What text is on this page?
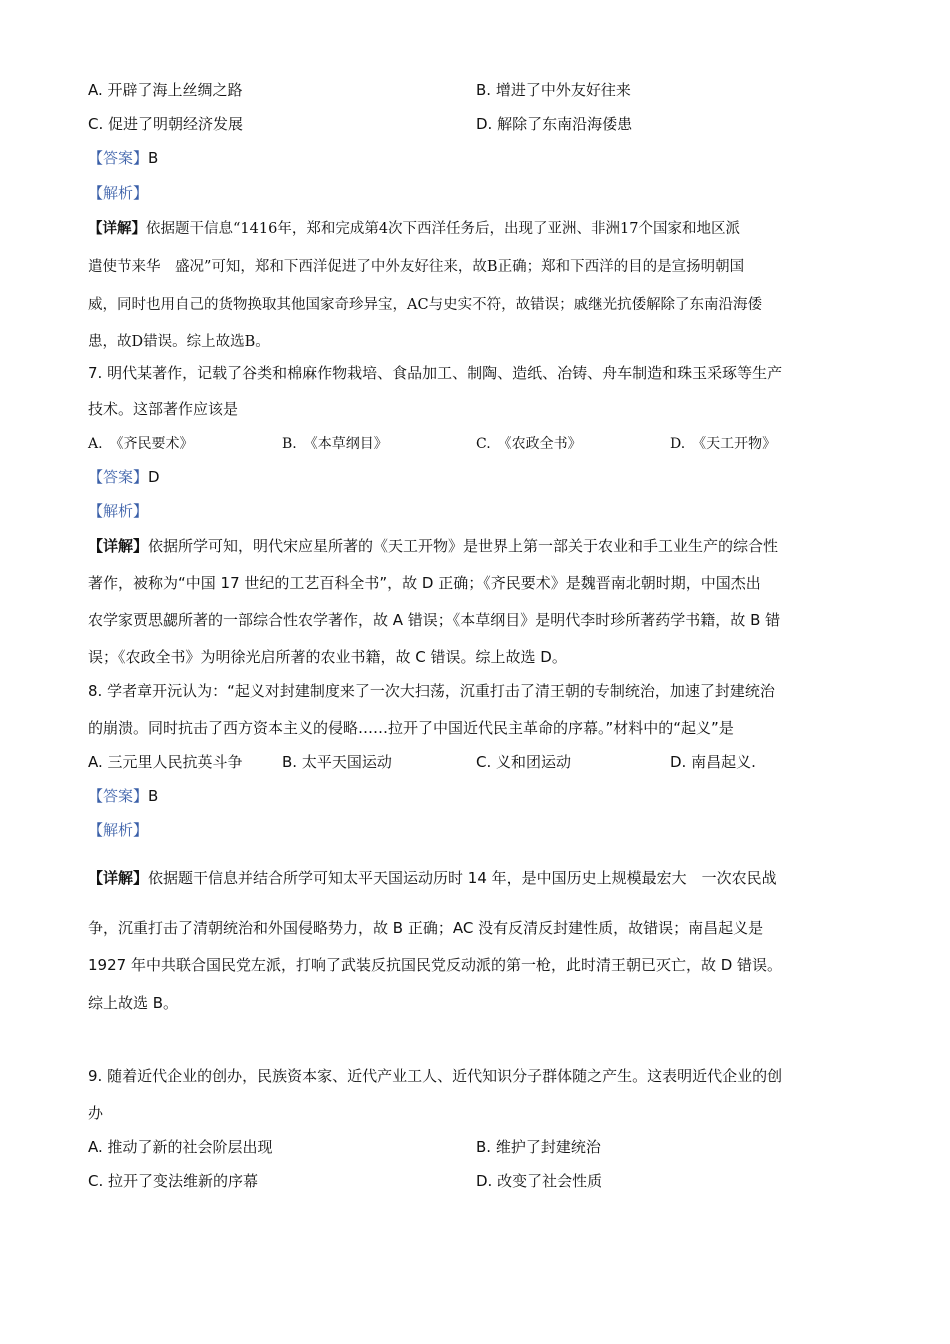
A. 开辟了海上丝绸之路	B. 增进了中外友好往来
C. 促进了明朝经济发展	D. 解除了东南沿海倭患
【答案】B
【解析】
【详解】依据题干信息“1416年，郑和完成第4次下西洋任务后，出现了亚洲、非洲17个国家和地区派
遣使节来华　盛况”可知，郑和下西洋促进了中外友好往来，故B正确；郑和下西洋的目的是宣扬明朝国
威，同时也用自己的货物换取其他国家奇珍异宝，AC与史实不符，故错误；戚继光抗倭解除了东南沿海倭
患，故D错误。综上故选B。
7. 明代某著作，记载了谷类和棉麻作物栽培、食品加工、制陶、造纸、冶铸、舟车制造和珠玉采琢等生产
技术。这部著作应该是
A.　《齐民要术》	B.　《本草纲目》	C.　《农政全书》	D.　《天工开物》
【答案】D
【解析】
【详解】依据所学可知，明代宋应星所著的《天工开物》是世界上第一部关于农业和手工业生产的综合性
著作，被称为“中国 17 世纪的工艺百科全书”，故 D 正确；《齐民要术》是魏晋南北朝时期，中国杰出
农学家贾思勰所著的一部综合性农学著作，故 A 错误；《本草纲目》是明代李时珍所著药学书籍，故 B 错
误；《农政全书》为明徐光启所著的农业书籍，故 C 错误。综上故选 D。
8. 学者章开沅认为：“起义对封建制度来了一次大扫荡，沉重打击了清王朝的专制统治，加速了封建统治
的崩溃。同时抗击了西方资本主义的侵略……拉开了中国近代民主革命的序幕。”材料中的“起义”是
A. 三元里人民抗英斗争	B. 太平天国运动	C. 义和团运动	D. 南昌起义.
【答案】B
【解析】
【详解】依据题干信息并结合所学可知太平天国运动历时 14 年，是中国历史上规模最宏大　一次农民战
争，沉重打击了清朝统治和外国侵略势力，故 B 正确；AC 没有反清反封建性质，故错误；南昌起义是
1927 年中共联合国民党左派，打响了武装反抗国民党反动派的第一枪，此时清王朝已灭亡，故 D 错误。
综上故选 B。
9. 随着近代企业的创办，民族资本家、近代产业工人、近代知识分子群体随之产生。这表明近代企业的创
办
A. 推动了新的社会阶层出现	B. 维护了封建统治
C. 拉开了变法维新的序幕	D. 改变了社会性质
